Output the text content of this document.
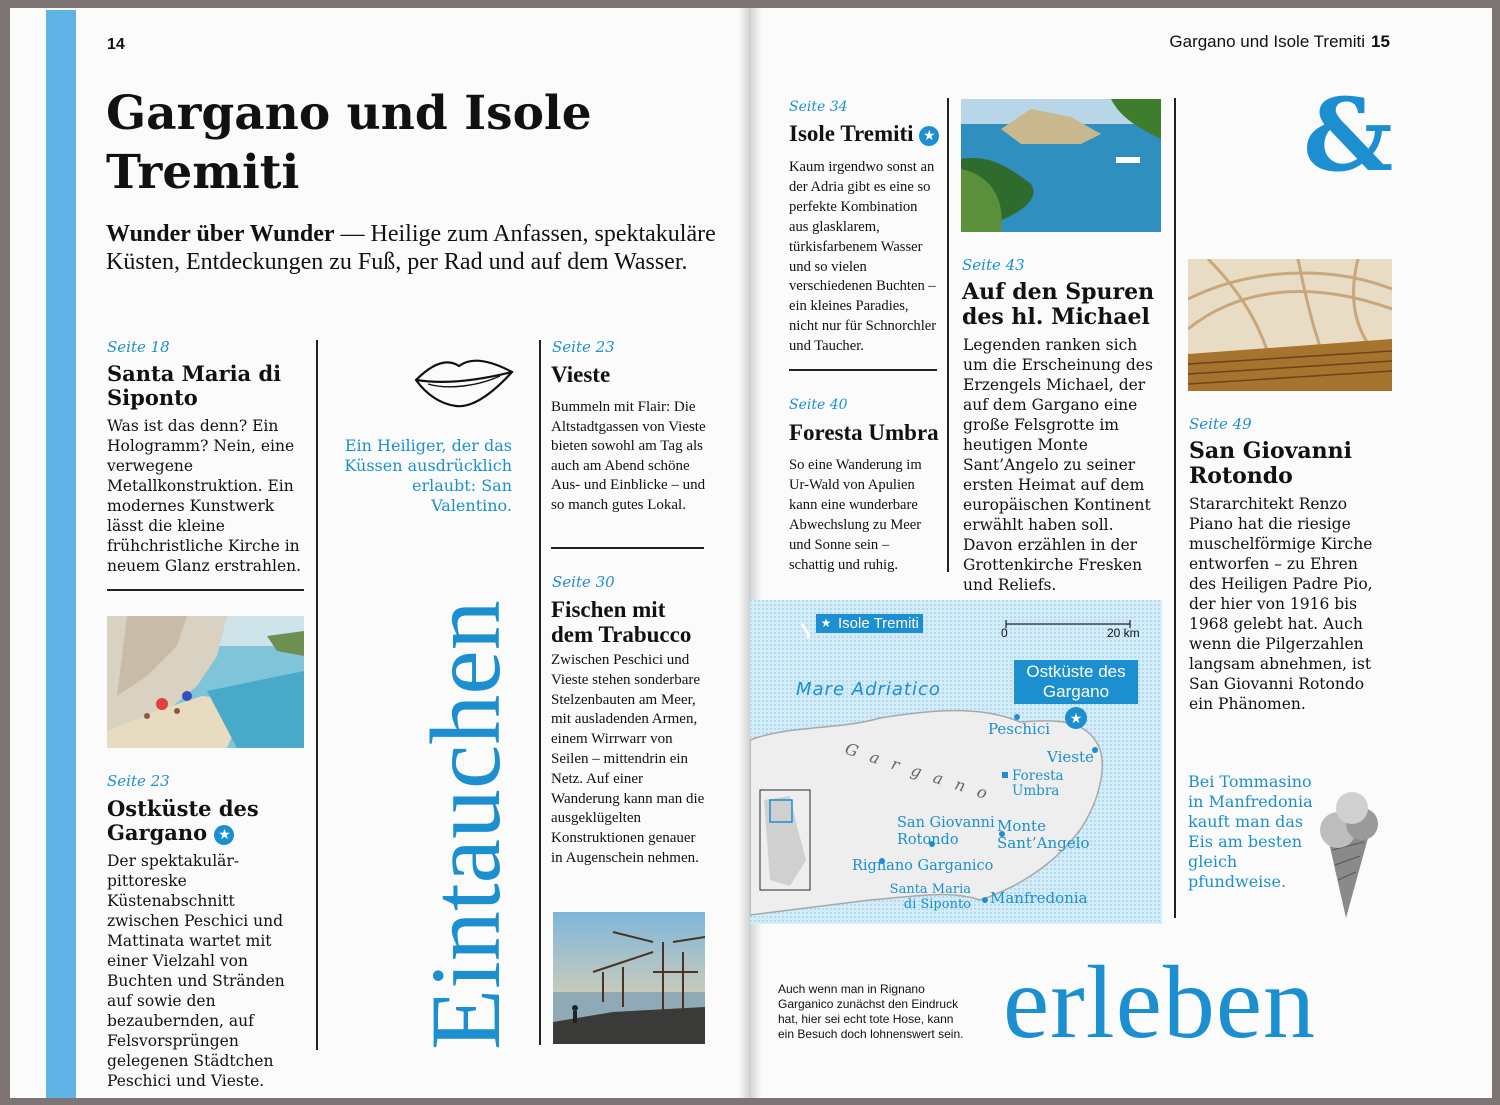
14
Gargano und Isole Tremiti
Wunder über Wunder — Heilige zum Anfassen, spektakuläre Küsten, Entdeckungen zu Fuß, per Rad und auf dem Wasser.
Seite 18
Santa Maria di Siponto
Was ist das denn? Ein Hologramm? Nein, eine verwegene Metallkonstruktion. Ein modernes Kunstwerk lässt die kleine frühchristliche Kirche in neuem Glanz erstrahlen.
Seite 23
Ostküste des Gargano ★
Der spektakulär-pittoreske Küstenabschnitt zwischen Peschici und Mattinata wartet mit einer Vielzahl von Buchten und Stränden auf sowie den bezaubernden, auf Felsvorsprüngen gelegenen Städtchen Peschici und Vieste.
Ein Heiliger, der das Küssen ausdrücklich erlaubt: San Valentino.
Eintauchen
Seite 23
Vieste
Bummeln mit Flair: Die Altstadtgassen von Vieste bieten sowohl am Tag als auch am Abend schöne Aus- und Einblicke – und so manch gutes Lokal.
Seite 30
Fischen mit dem Trabucco
Zwischen Peschici und Vieste stehen sonderbare Stelzenbauten am Meer, mit ausladenden Armen, einem Wirrwarr von Seilen – mittendrin ein Netz. Auf einer Wanderung kann man die ausgeklügelten Konstruktionen genauer in Augenschein nehmen.
Gargano und Isole Tremiti 15
Seite 34
Isole Tremiti ★
Kaum irgendwo sonst an der Adria gibt es eine so perfekte Kombination aus glasklarem, türkisfarbenem Wasser und so vielen verschiedenen Buchten – ein kleines Paradies, nicht nur für Schnorchler und Taucher.
Seite 40
Foresta Umbra
So eine Wanderung im Ur-Wald von Apulien kann eine wunderbare Abwechslung zu Meer und Sonne sein – schattig und ruhig.
Seite 43
Auf den Spuren des hl. Michael
Legenden ranken sich um die Erscheinung des Erzengels Michael, der auf dem Gargano eine große Felsgrotte im heutigen Monte Sant’Angelo zu seiner ersten Heimat auf dem europäischen Kontinent erwählt haben soll. Davon erzählen in der Grottenkirche Fresken und Reliefs.
&
Seite 49
San Giovanni Rotondo
Stararchitekt Renzo Piano hat die riesige muschelförmige Kirche entworfen – zu Ehren des Heiligen Padre Pio, der hier von 1916 bis 1968 gelebt hat. Auch wenn die Pilgerzahlen langsam abnehmen, ist San Giovanni Rotondo ein Phänomen.
Bei Tommasino in Manfredonia kauft man das Eis am besten gleich pfundweise.
★
★ Isole Tremiti
0	20 km
Mare Adriatico
Ostküste des Gargano
G a r g a n o
Peschici
Vieste
Foresta Umbra
San Giovanni Rotondo
Monte Sant’Angelo
Rignano Garganico
Santa Maria di Siponto Manfredonia
Auch wenn man in Rignano Garganico zunächst den Eindruck hat, hier sei echt tote Hose, kann ein Besuch doch lohnenswert sein. erleben
